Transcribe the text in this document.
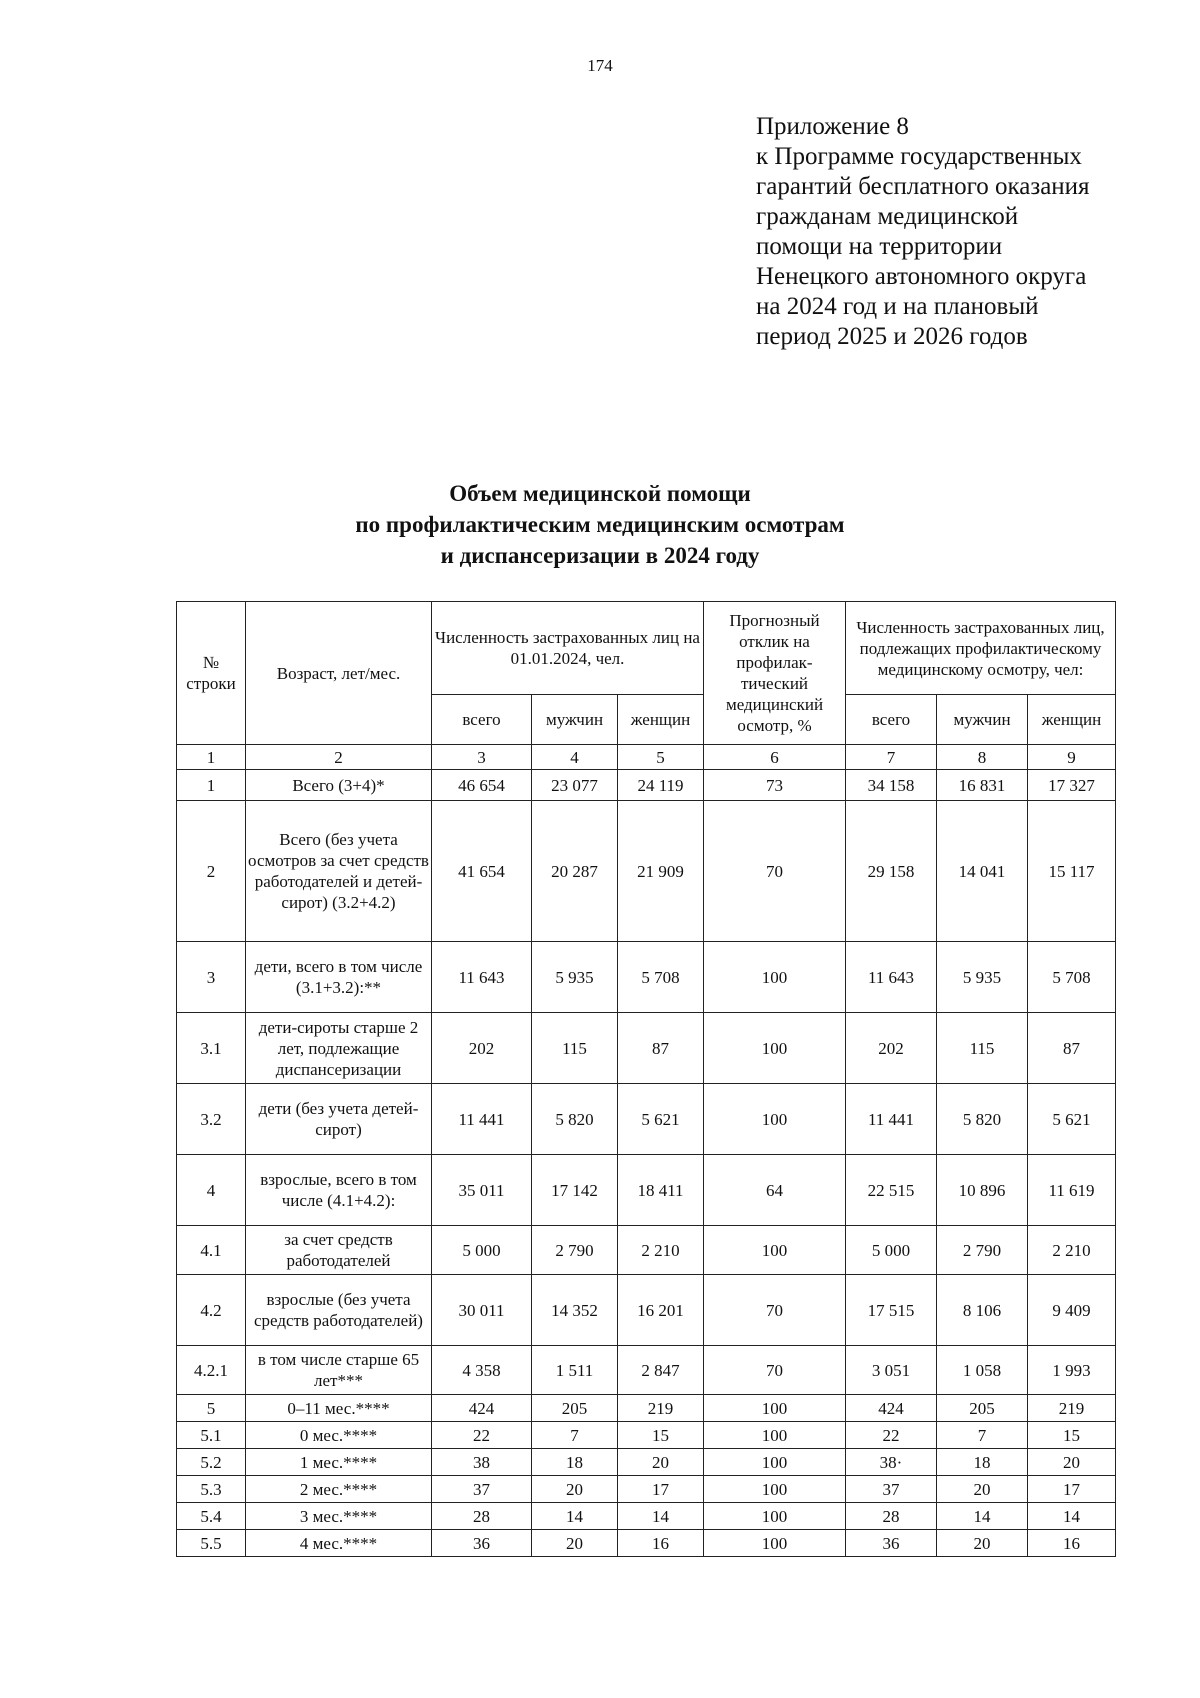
174
Приложение 8
к Программе государственных
гарантий бесплатного оказания
гражданам медицинской
помощи на территории
Ненецкого автономного округа
на 2024 год и на плановый
период 2025 и 2026 годов
Объем медицинской помощи
по профилактическим медицинским осмотрам
и диспансеризации в 2024 году
№ строки	Возраст, лет/мес.	Численность застрахованных лиц на 01.01.2024, чел.			Прогнозный отклик на профилак-тический медицинский осмотр, %	Численность застрахованных лиц, подлежащих профилактическому медицинскому осмотру, чел:		
		всего	мужчин	женщин		всего	мужчин	женщин
1	2	3	4	5	6	7	8	9
1	Всего (3+4)*	46 654	23 077	24 119	73	34 158	16 831	17 327
2	Всего (без учета осмотров за счет средств работодателей и детей-сирот) (3.2+4.2)	41 654	20 287	21 909	70	29 158	14 041	15 117
3	дети, всего в том числе (3.1+3.2):**	11 643	5 935	5 708	100	11 643	5 935	5 708
3.1	дети-сироты старше 2 лет, подлежащие диспансеризации	202	115	87	100	202	115	87
3.2	дети (без учета детей-сирот)	11 441	5 820	5 621	100	11 441	5 820	5 621
4	взрослые, всего в том числе (4.1+4.2):	35 011	17 142	18 411	64	22 515	10 896	11 619
4.1	за счет средств работодателей	5 000	2 790	2 210	100	5 000	2 790	2 210
4.2	взрослые (без учета средств работодателей)	30 011	14 352	16 201	70	17 515	8 106	9 409
4.2.1	в том числе старше 65 лет***	4 358	1 511	2 847	70	3 051	1 058	1 993
5	0–11 мес.****	424	205	219	100	424	205	219
5.1	0 мес.****	22	7	15	100	22	7	15
5.2	1 мес.****	38	18	20	100	38·	18	20
5.3	2 мес.****	37	20	17	100	37	20	17
5.4	3 мес.****	28	14	14	100	28	14	14
5.5	4 мес.****	36	20	16	100	36	20	16
